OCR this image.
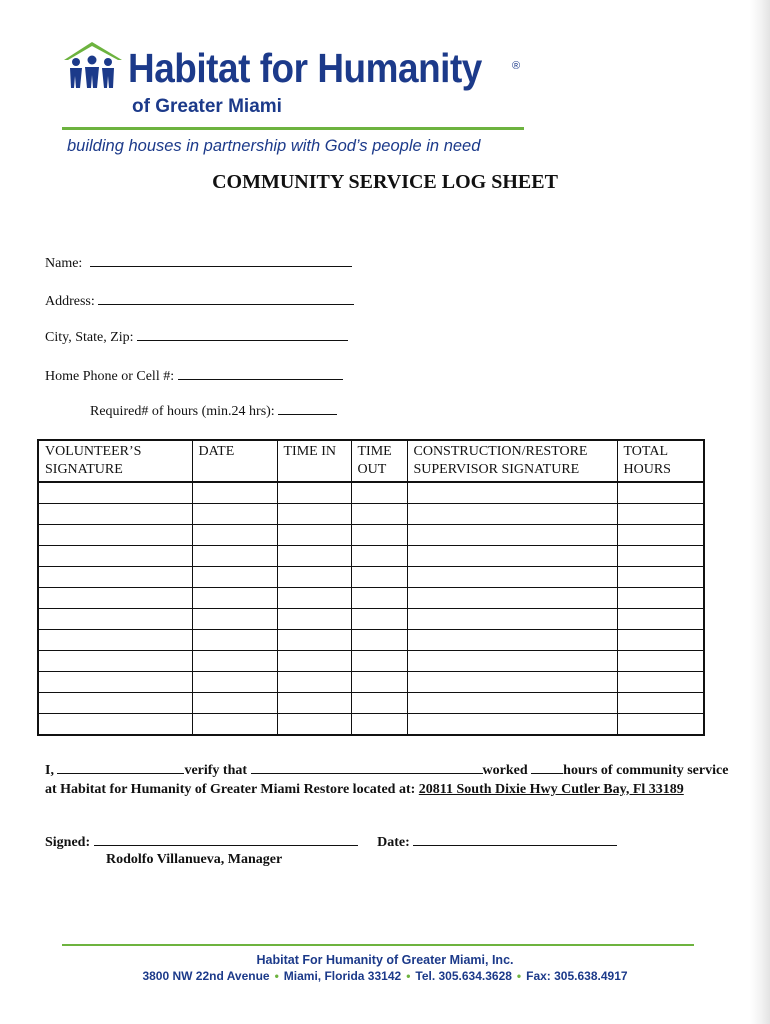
Habitat for Humanity	®
of Greater Miami
building houses in partnership with God’s people in need
COMMUNITY SERVICE LOG SHEET
Name:
Address:
City, State, Zip:
Home Phone or Cell #:
Required# of hours (min.24 hrs):
VOLUNTEER’S SIGNATURE	DATE	TIME IN	TIME OUT	CONSTRUCTION/RESTORE SUPERVISOR SIGNATURE	TOTAL HOURS

I,	verify that	worked hours of community service at Habitat for Humanity of Greater Miami Restore located at: 20811 South Dixie Hwy Cutler Bay, Fl 33189
Signed:	Date:
Rodolfo Villanueva, Manager
Habitat For Humanity of Greater Miami, Inc.
3800 NW 22nd Avenue • Miami, Florida 33142 • Tel. 305.634.3628 • Fax: 305.638.4917
